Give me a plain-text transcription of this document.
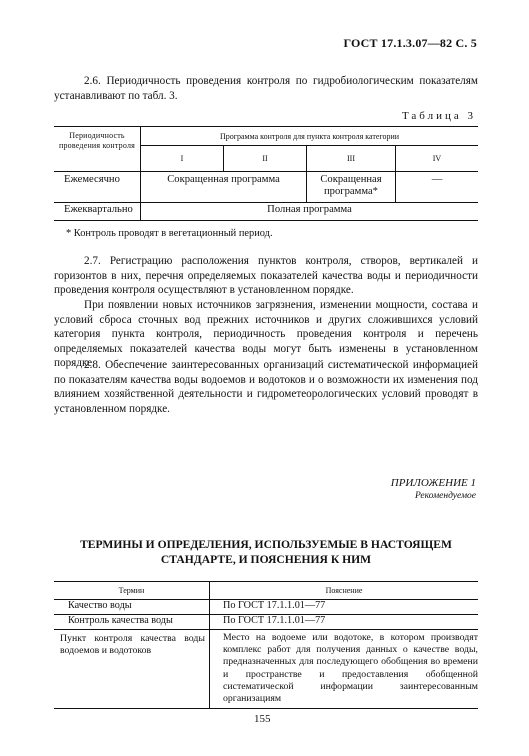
ГОСТ 17.1.3.07—82 С. 5
2.6. Периодичность проведения контроля по гидробиологическим показателям устанавливают по табл. 3.
Таблица 3
Периодичность проведения контроля	Программа контроля для пункта контроля категории			
	I	II	III	IV
Ежемесячно	Сокращенная программа		Сокращенная программа*	—
Ежеквартально	Полная программа			
* Контроль проводят в вегетационный период.
2.7. Регистрацию расположения пунктов контроля, створов, вертикалей и горизонтов в них, перечня определяемых показателей качества воды и периодичности проведения контроля осуществляют в установленном порядке.
При появлении новых источников загрязнения, изменении мощности, состава и условий сброса сточных вод прежних источников и других сложившихся условий категория пункта контроля, периодичность проведения контроля и перечень определяемых показателей качества воды могут быть изменены в установленном порядке.
2.8. Обеспечение заинтересованных организаций систематической информацией по показателям качества воды водоемов и водотоков и о возможности их изменения под влиянием хозяйственной деятельности и гидрометеорологических условий проводят в установленном порядке.
ПРИЛОЖЕНИЕ 1
Рекомендуемое
ТЕРМИНЫ И ОПРЕДЕЛЕНИЯ, ИСПОЛЬЗУЕМЫЕ В НАСТОЯЩЕМ
СТАНДАРТЕ, И ПОЯСНЕНИЯ К НИМ
Термин	Пояснение
Качество воды	По ГОСТ 17.1.1.01—77
Контроль качества воды	По ГОСТ 17.1.1.01—77
Пункт контроля качества воды водоемов и водотоков	Место на водоеме или водотоке, в котором производят комплекс работ для получения данных о качестве воды, предназначенных для последующего обобщения во времени и пространстве и предоставления обобщенной систематической информации заинтересованным организациям
155
